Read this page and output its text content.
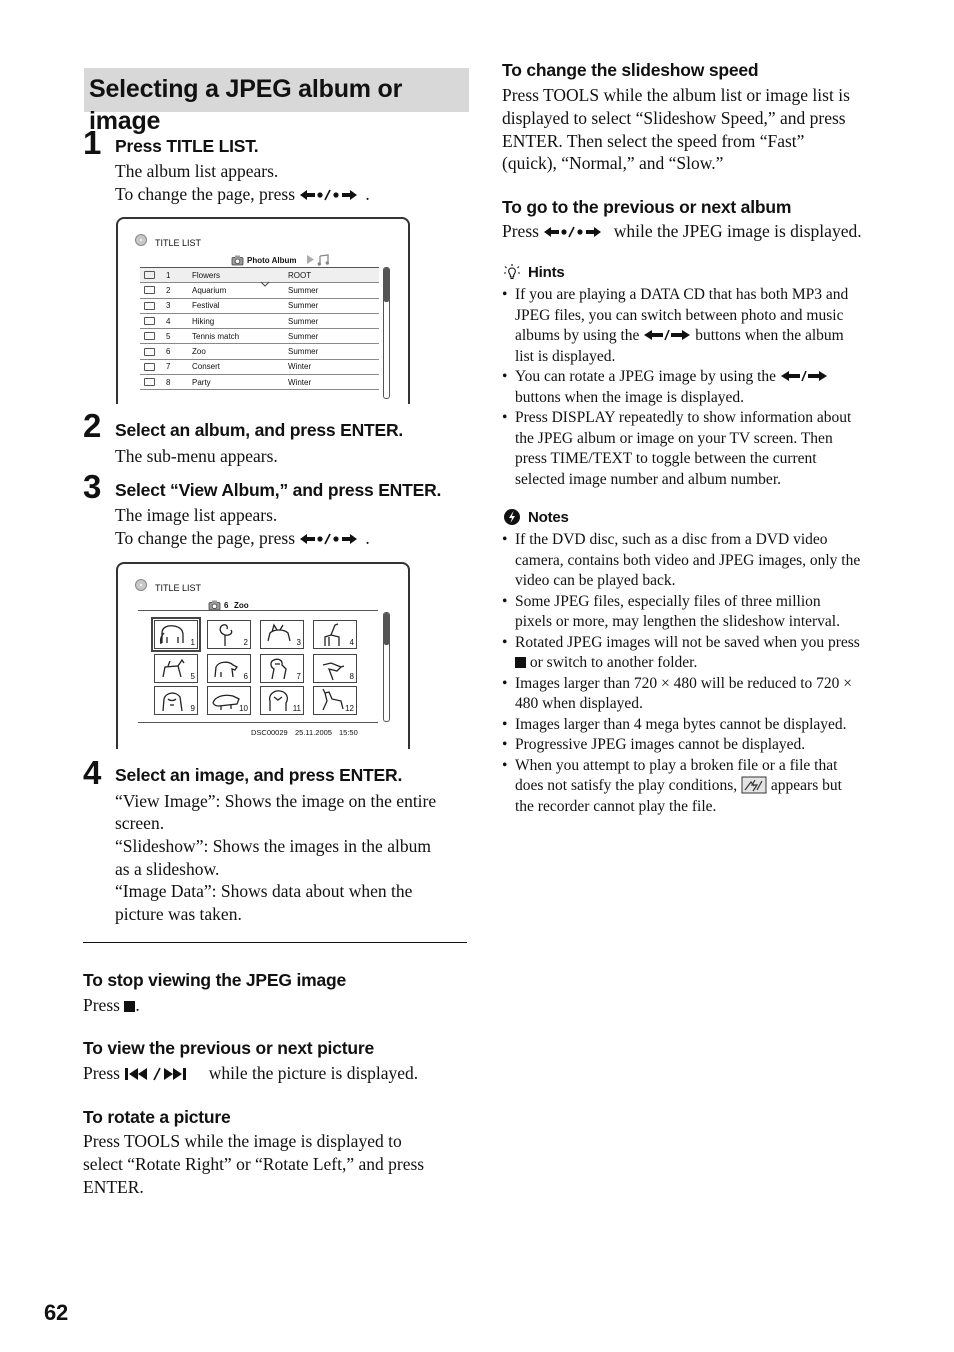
Selecting a JPEG album or image
1 Press TITLE LIST.
The album list appears.
To change the page, press	.
TITLE LIST
Photo Album
	1	Flowers	ROOT
	2	Aquarium	Summer
	3	Festival	Summer
	4	Hiking	Summer
	5	Tennis match	Summer
	6	Zoo	Summer
	7	Consert	Winter
	8	Party	Winter
2 Select an album, and press ENTER.
The sub-menu appears.
3 Select “View Album,” and press ENTER.
The image list appears.
To change the page, press	.
TITLE LIST
6 Zoo
1	2	3	4
5	6	7	8
9	10	11	12
DSC00029 25.11.2005 15:50
4 Select an image, and press ENTER.
“View Image”: Shows the image on the entire
screen.
“Slideshow”: Shows the images in the album
as a slideshow.
“Image Data”: Shows data about when the
picture was taken.
To stop viewing the JPEG image
Press .
To view the previous or next picture
Press	while the picture is displayed.
To rotate a picture
Press TOOLS while the image is displayed to
select “Rotate Right” or “Rotate Left,” and press
ENTER.
62
To change the slideshow speed
Press TOOLS while the album list or image list is
displayed to select “Slideshow Speed,” and press
ENTER. Then select the speed from “Fast”
(quick), “Normal,” and “Slow.”
To go to the previous or next album
Press	while the JPEG image is displayed.
Hints
• If you are playing a DATA CD that has both MP3 and
JPEG files, you can switch between photo and music
albums by using the	buttons when the album
list is displayed.
• You can rotate a JPEG image by using the
buttons when the image is displayed.
• Press DISPLAY repeatedly to show information about
the JPEG album or image on your TV screen. Then
press TIME/TEXT to toggle between the current
selected image number and album number.
Notes
• If the DVD disc, such as a disc from a DVD video
camera, contains both video and JPEG images, only the
video can be played back.
• Some JPEG files, especially files of three million
pixels or more, may lengthen the slideshow interval.
• Rotated JPEG images will not be saved when you press
or switch to another folder.
• Images larger than 720 × 480 will be reduced to 720 ×
480 when displayed.
• Images larger than 4 mega bytes cannot be displayed.
• Progressive JPEG images cannot be displayed.
• When you attempt to play a broken file or a file that
does not satisfy the play conditions, appears but
the recorder cannot play the file.
